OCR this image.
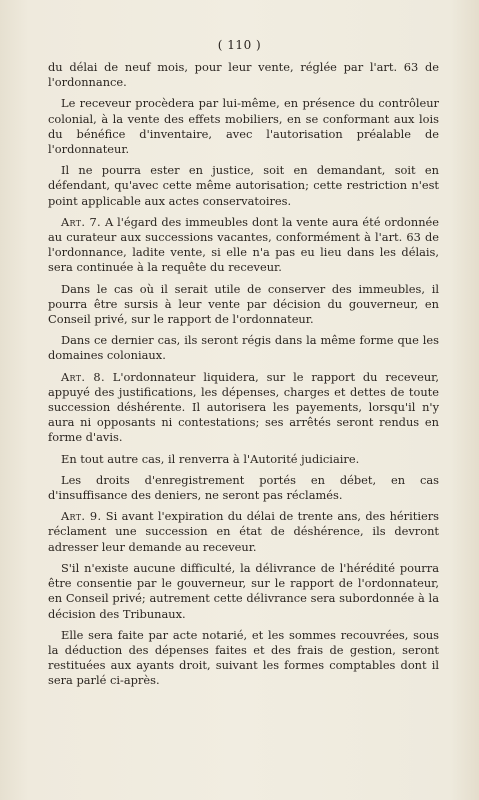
( 110 )

du délai de neuf mois, pour leur vente, réglée par l'art. 63 de l'ordonnance.

Le receveur procèdera par lui-même, en présence du contrôleur colonial, à la vente des effets mobiliers, en se conformant aux lois du bénéfice d'inventaire, avec l'autorisation préalable de l'ordonnateur.

Il ne pourra ester en justice, soit en demandant, soit en défendant, qu'avec cette même autorisation; cette restriction n'est point applicable aux actes conservatoires.

Art. 7. A l'égard des immeubles dont la vente aura été ordonnée au curateur aux successions vacantes, conformément à l'art. 63 de l'ordonnance, ladite vente, si elle n'a pas eu lieu dans les délais, sera continuée à la requête du receveur.

Dans le cas où il serait utile de conserver des immeubles, il pourra être sursis à leur vente par décision du gouverneur, en Conseil privé, sur le rapport de l'ordonnateur.

Dans ce dernier cas, ils seront régis dans la même forme que les domaines coloniaux.

Art. 8. L'ordonnateur liquidera, sur le rapport du receveur, appuyé des justifications, les dépenses, charges et dettes de toute succession déshérente. Il autorisera les payements, lorsqu'il n'y aura ni opposants ni contestations; ses arrêtés seront rendus en forme d'avis.

En tout autre cas, il renverra à l'Autorité judiciaire.

Les droits d'enregistrement portés en débet, en cas d'insuffisance des deniers, ne seront pas réclamés.

Art. 9. Si avant l'expiration du délai de trente ans, des héritiers réclament une succession en état de déshérence, ils devront adresser leur demande au receveur.

S'il n'existe aucune difficulté, la délivrance de l'hérédité pourra être consentie par le gouverneur, sur le rapport de l'ordonnateur, en Conseil privé; autrement cette délivrance sera subordonnée à la décision des Tribunaux.

Elle sera faite par acte notarié, et les sommes recouvrées, sous la déduction des dépenses faites et des frais de gestion, seront restituées aux ayants droit, suivant les formes comptables dont il sera parlé ci-après.
